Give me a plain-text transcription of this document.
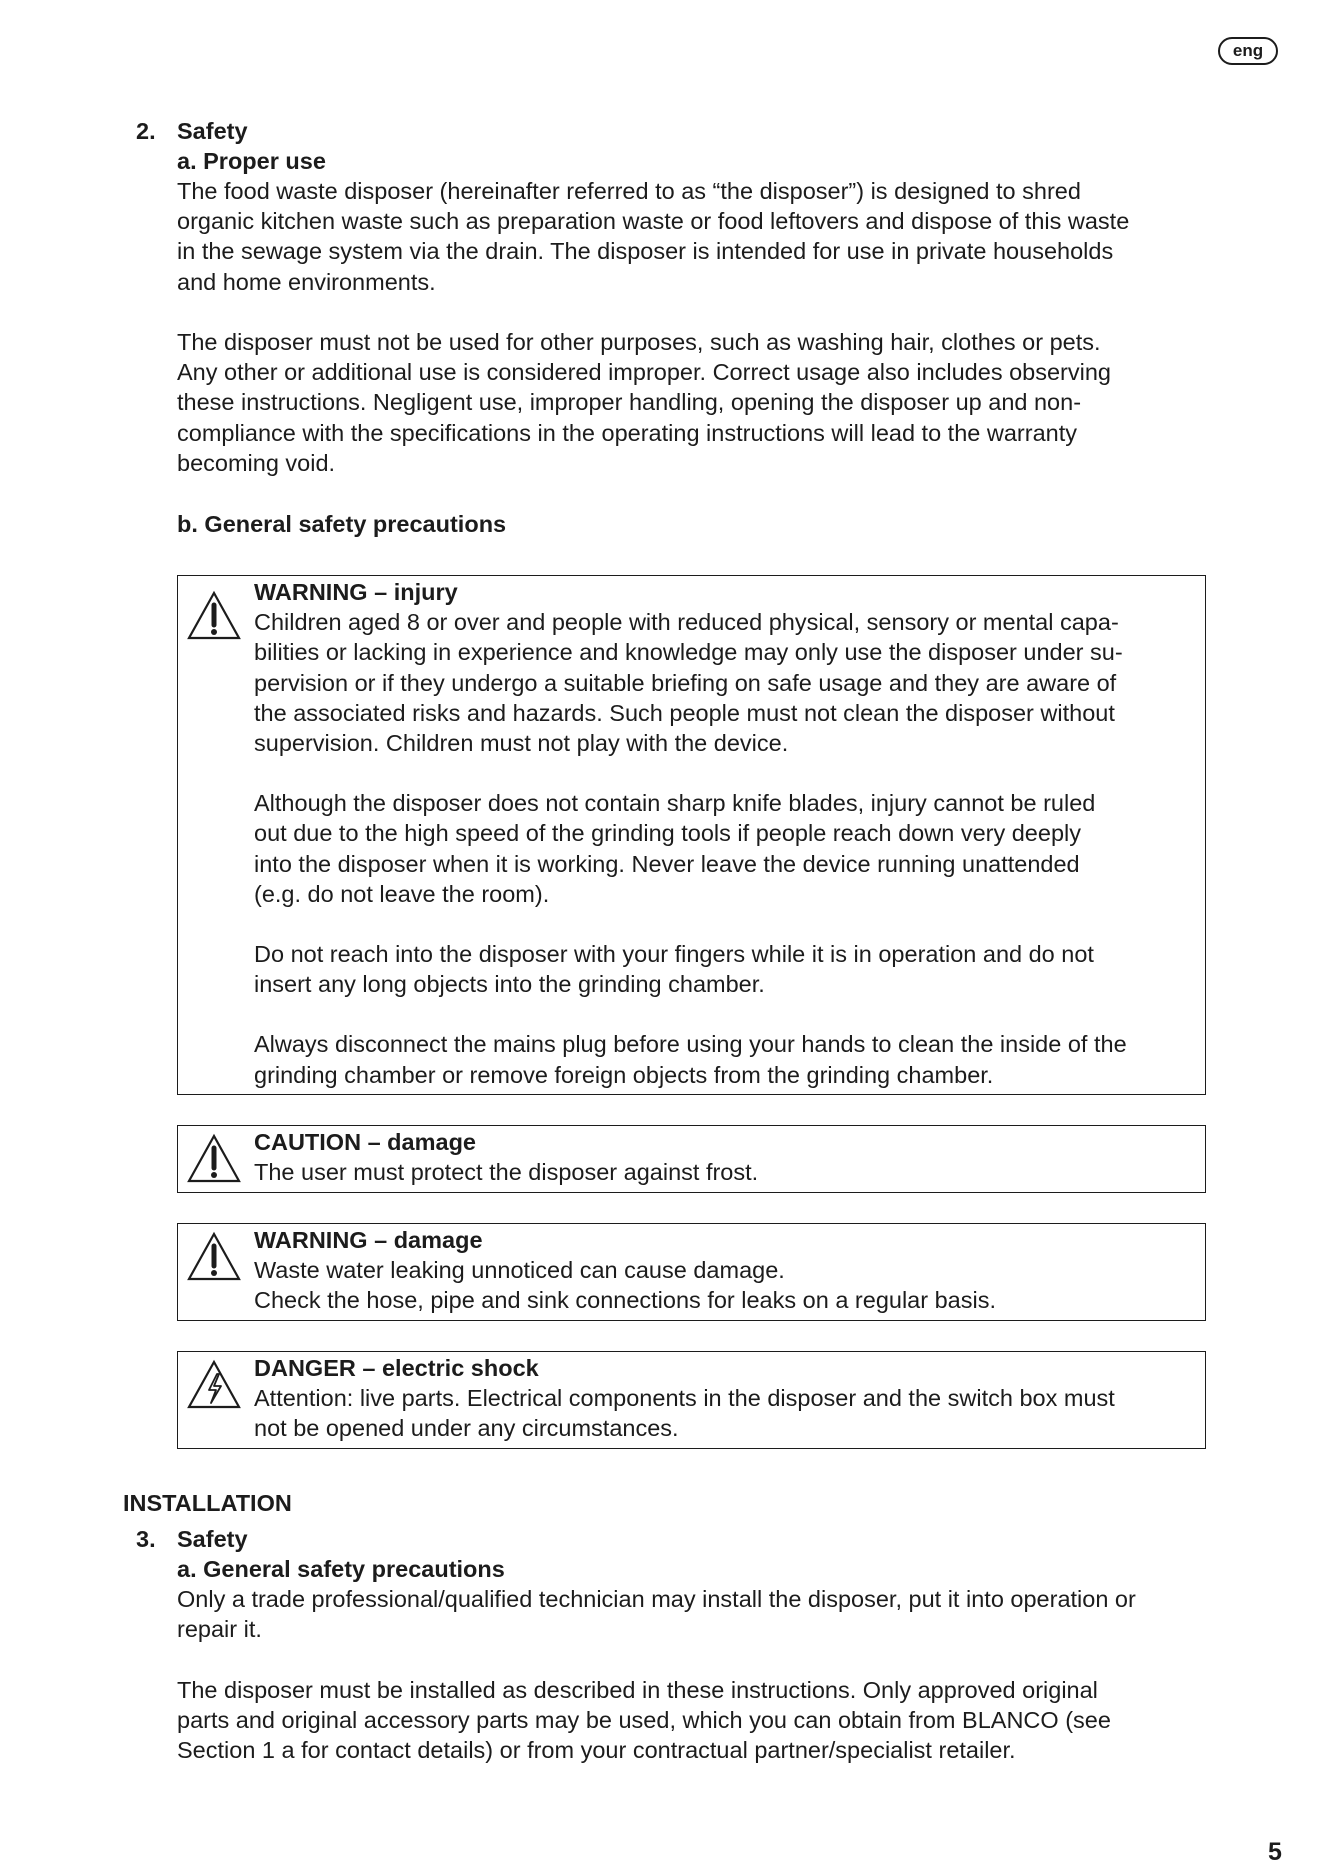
eng
2. Safety
a. Proper use
The food waste disposer (hereinafter referred to as “the disposer”) is designed to shred
organic kitchen waste such as preparation waste or food leftovers and dispose of this waste
in the sewage system via the drain. The disposer is intended for use in private households
and home environments.
The disposer must not be used for other purposes, such as washing hair, clothes or pets.
Any other or additional use is considered improper. Correct usage also includes observing
these instructions. Negligent use, improper handling, opening the disposer up and non-
compliance with the specifications in the operating instructions will lead to the warranty
becoming void.
b. General safety precautions
WARNING – injury

Children aged 8 or over and people with reduced physical, sensory or mental capa-
bilities or lacking in experience and knowledge may only use the disposer under su-
pervision or if they undergo a suitable briefing on safe usage and they are aware of
the associated risks and hazards. Such people must not clean the disposer without
supervision. Children must not play with the device.

Although the disposer does not contain sharp knife blades, injury cannot be ruled
out due to the high speed of the grinding tools if people reach down very deeply
into the disposer when it is working. Never leave the device running unattended
(e.g. do not leave the room).

Do not reach into the disposer with your fingers while it is in operation and do not
insert any long objects into the grinding chamber.

Always disconnect the mains plug before using your hands to clean the inside of the
grinding chamber or remove foreign objects from the grinding chamber.

CAUTION – damage

The user must protect the disposer against frost.

WARNING – damage

Waste water leaking unnoticed can cause damage.
Check the hose, pipe and sink connections for leaks on a regular basis.

DANGER – electric shock

Attention: live parts. Electrical components in the disposer and the switch box must
not be opened under any circumstances.

INSTALLATION
3. Safety
a. General safety precautions
Only a trade professional/qualified technician may install the disposer, put it into operation or
repair it.
The disposer must be installed as described in these instructions. Only approved original
parts and original accessory parts may be used, which you can obtain from BLANCO (see
Section 1 a for contact details) or from your contractual partner/specialist retailer.
5
